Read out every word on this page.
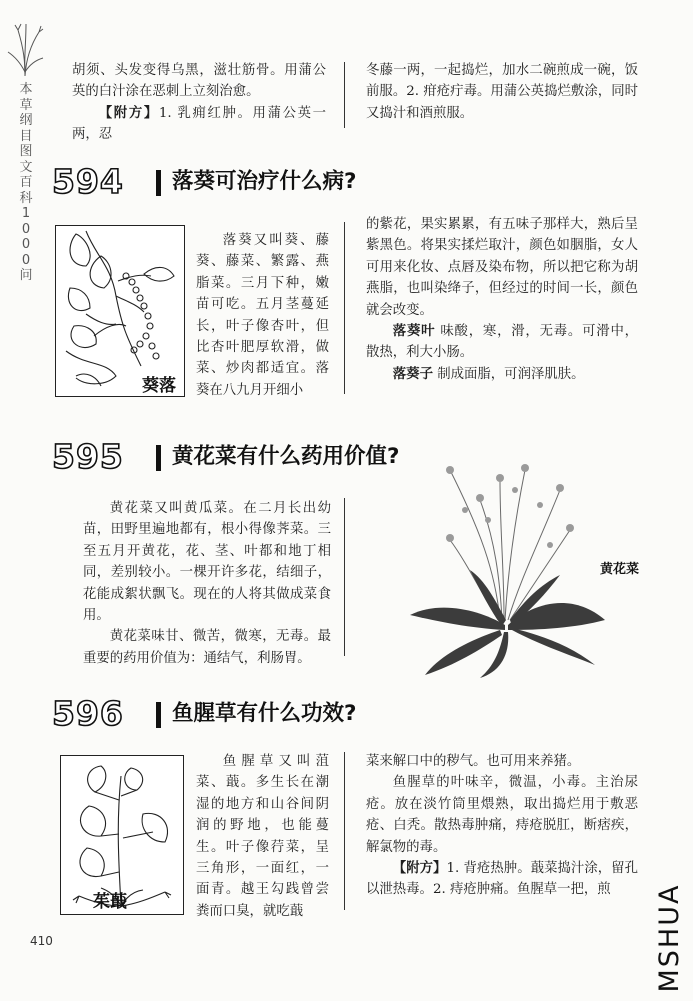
本草纲目图文百科1000问

胡须、头发变得乌黑，滋壮筋骨。用蒲公英的白汁涂在恶刺上立刻治愈。

【附方】1. 乳痈红肿。用蒲公英一两，忍

冬藤一两，一起捣烂，加水二碗煎成一碗，饭前服。2. 疳疮疔毒。用蒲公英捣烂敷涂，同时又捣汁和酒煎服。

594 落葵可治疗什么病?
葵落

落葵又叫葵、藤葵、藤菜、繁露、燕脂菜。三月下种，嫩苗可吃。五月茎蔓延长，叶子像杏叶，但比杏叶肥厚软滑，做菜、炒肉都适宜。落葵在八九月开细小

的紫花，果实累累，有五味子那样大，熟后呈紫黑色。将果实揉烂取汁，颜色如胭脂，女人可用来化妆、点唇及染布物，所以把它称为胡燕脂，也叫染绛子，但经过的时间一长，颜色就会改变。

落葵叶 味酸，寒，滑，无毒。可滑中，散热，利大小肠。

落葵子 制成面脂，可润泽肌肤。

595 黄花菜有什么药用价值?

黄花菜又叫黄瓜菜。在二月长出幼苗，田野里遍地都有，根小得像荠菜。三至五月开黄花，花、茎、叶都和地丁相同，差别较小。一棵开许多花，结细子，花能成絮状飘飞。现在的人将其做成菜食用。

黄花菜味甘、微苦，微寒，无毒。最重要的药用价值为：通结气，利肠胃。

黄花菜
596 鱼腥草有什么功效?
茱蕺

鱼腥草又叫菹菜、蕺。多生长在潮湿的地方和山谷间阴润的野地，也能蔓生。叶子像荇菜，呈三角形，一面红，一面青。越王勾践曾尝粪而口臭，就吃蕺

菜来解口中的秽气。也可用来养猪。

鱼腥草的叶味辛，微温，小毒。主治尿疮。放在淡竹筒里煨熟，取出捣烂用于敷恶疮、白秃。散热毒肿痛，痔疮脱肛，断痞疾，解氯物的毒。

【附方】1. 背疮热肿。蕺菜捣汁涂，留孔以泄热毒。2. 痔疮肿痛。鱼腥草一把，煎

410	MSHUA
